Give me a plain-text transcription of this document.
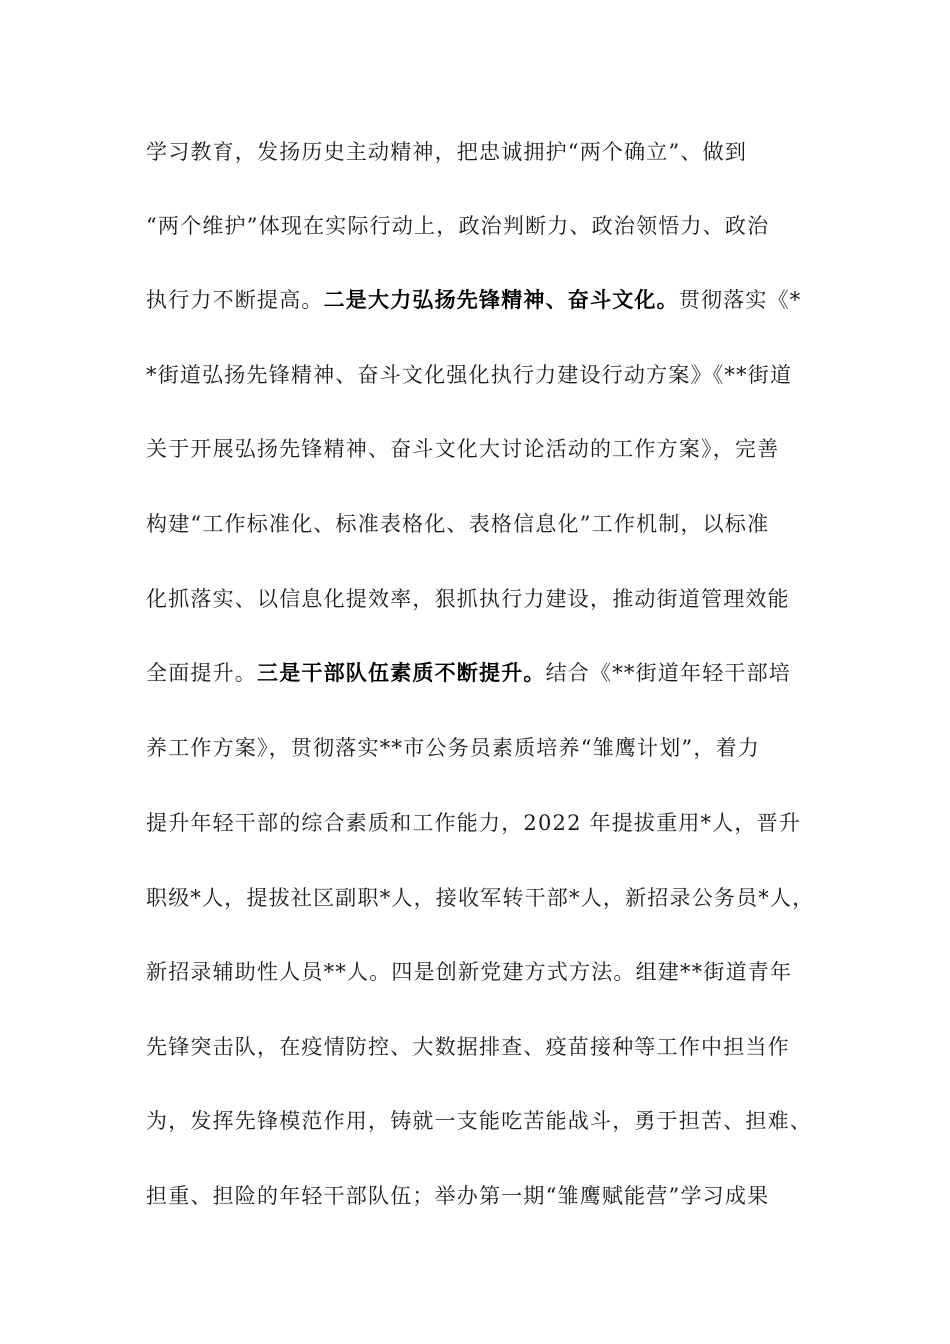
学习教育，发扬历史主动精神，把忠诚拥护“两个确立”、做到
“两个维护”体现在实际行动上，政治判断力、政治领悟力、政治
执行力不断提高。二是大力弘扬先锋精神、奋斗文化。贯彻落实《*
*街道弘扬先锋精神、奋斗文化强化执行力建设行动方案》《**街道
关于开展弘扬先锋精神、奋斗文化大讨论活动的工作方案》，完善
构建“工作标准化、标准表格化、表格信息化”工作机制，以标准
化抓落实、以信息化提效率，狠抓执行力建设，推动街道管理效能
全面提升。三是干部队伍素质不断提升。结合《**街道年轻干部培
养工作方案》，贯彻落实**市公务员素质培养“雏鹰计划”，着力
提升年轻干部的综合素质和工作能力，2022 年提拔重用*人，晋升
职级*人，提拔社区副职*人，接收军转干部*人，新招录公务员*人，
新招录辅助性人员**人。四是创新党建方式方法。组建**街道青年
先锋突击队，在疫情防控、大数据排查、疫苗接种等工作中担当作
为，发挥先锋模范作用，铸就一支能吃苦能战斗，勇于担苦、担难、
担重、担险的年轻干部队伍；举办第一期“雏鹰赋能营”学习成果
